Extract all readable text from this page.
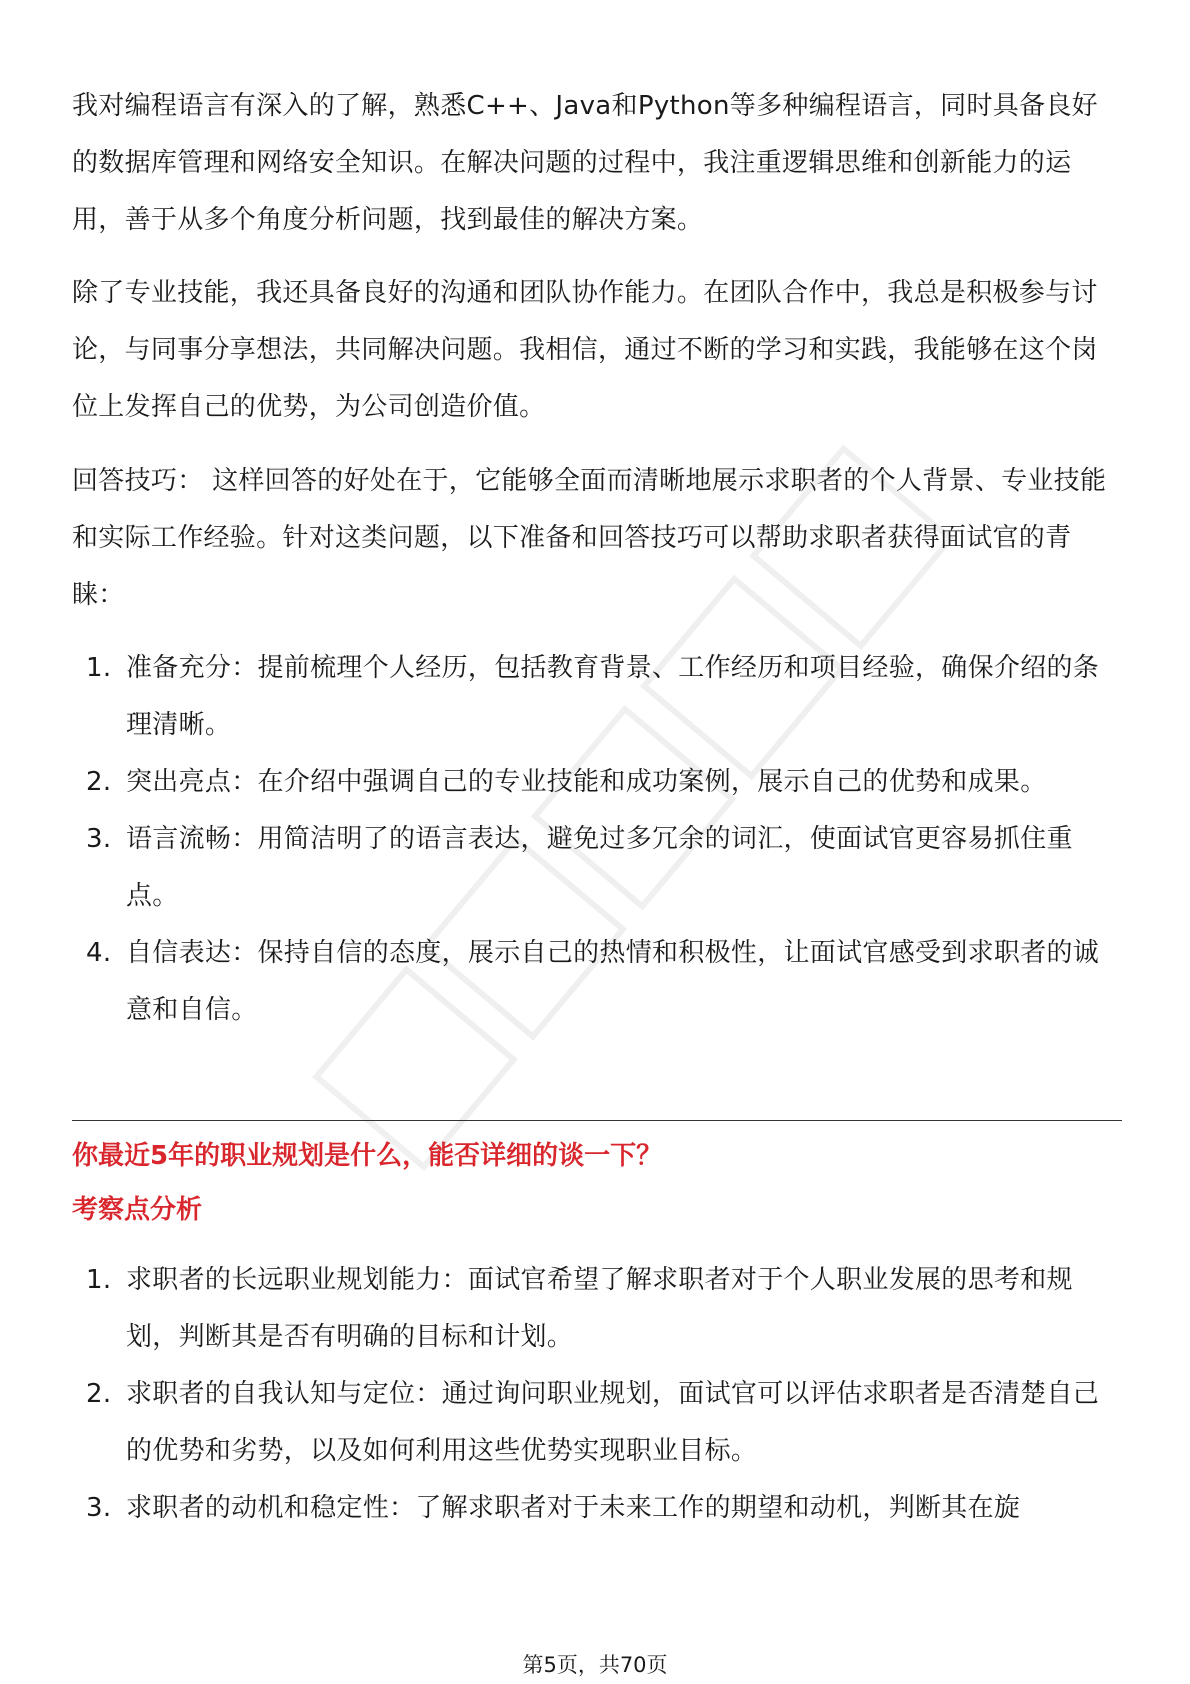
我对编程语言有深入的了解，熟悉C++、Java和Python等多种编程语言，同时具备良好的数据库管理和网络安全知识。在解决问题的过程中，我注重逻辑思维和创新能力的运用，善于从多个角度分析问题，找到最佳的解决方案。

除了专业技能，我还具备良好的沟通和团队协作能力。在团队合作中，我总是积极参与讨论，与同事分享想法，共同解决问题。我相信，通过不断的学习和实践，我能够在这个岗位上发挥自己的优势，为公司创造价值。

回答技巧： 这样回答的好处在于，它能够全面而清晰地展示求职者的个人背景、专业技能和实际工作经验。针对这类问题，以下准备和回答技巧可以帮助求职者获得面试官的青睐：

1. 准备充分：提前梳理个人经历，包括教育背景、工作经历和项目经验，确保介绍的条理清晰。
2. 突出亮点：在介绍中强调自己的专业技能和成功案例，展示自己的优势和成果。
3. 语言流畅：用简洁明了的语言表达，避免过多冗余的词汇，使面试官更容易抓住重点。
4. 自信表达：保持自信的态度，展示自己的热情和积极性，让面试官感受到求职者的诚意和自信。
你最近5年的职业规划是什么，能否详细的谈一下？
考察点分析
1. 求职者的长远职业规划能力：面试官希望了解求职者对于个人职业发展的思考和规划，判断其是否有明确的目标和计划。
2. 求职者的自我认知与定位：通过询问职业规划，面试官可以评估求职者是否清楚自己的优势和劣势，以及如何利用这些优势实现职业目标。
3. 求职者的动机和稳定性：了解求职者对于未来工作的期望和动机，判断其在旋
第5页，共70页
